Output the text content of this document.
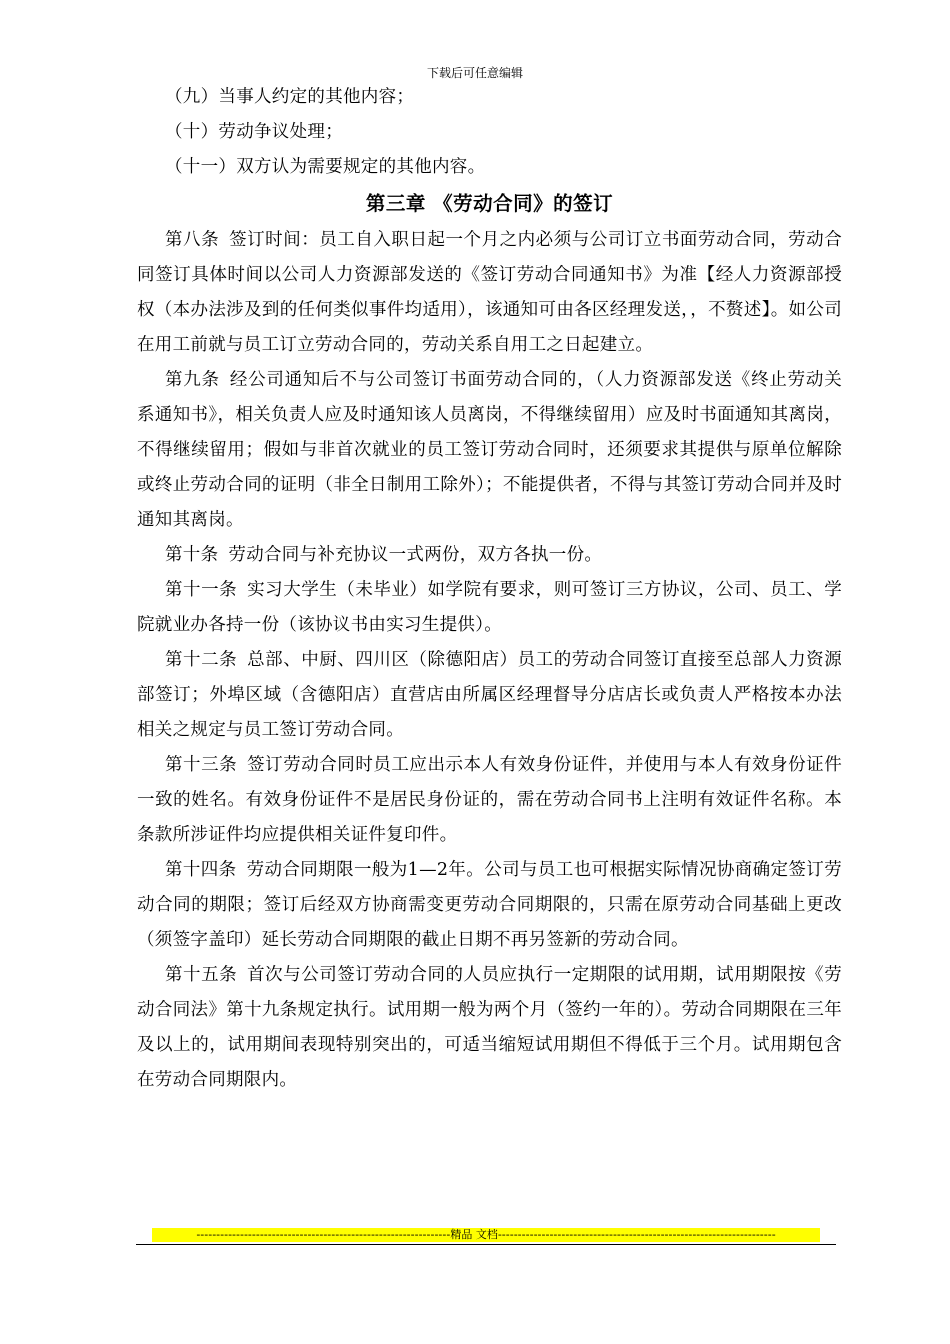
下载后可任意编辑

（九）当事人约定的其他内容；

（十）劳动争议处理；

（十一）双方认为需要规定的其他内容。

第三章 《劳动合同》的签订

第八条 签订时间：员工自入职日起一个月之内必须与公司订立书面劳动合同，劳动合同签订具体时间以公司人力资源部发送的《签订劳动合同通知书》为准【经人力资源部授权（本办法涉及到的任何类似事件均适用），该通知可由各区经理发送，，不赘述】。如公司在用工前就与员工订立劳动合同的，劳动关系自用工之日起建立。

第九条 经公司通知后不与公司签订书面劳动合同的，（人力资源部发送《终止劳动关系通知书》，相关负责人应及时通知该人员离岗，不得继续留用）应及时书面通知其离岗，不得继续留用；假如与非首次就业的员工签订劳动合同时，还须要求其提供与原单位解除或终止劳动合同的证明（非全日制用工除外）；不能提供者，不得与其签订劳动合同并及时通知其离岗。

第十条 劳动合同与补充协议一式两份，双方各执一份。

第十一条 实习大学生（未毕业）如学院有要求，则可签订三方协议，公司、员工、学院就业办各持一份（该协议书由实习生提供）。

第十二条 总部、中厨、四川区（除德阳店）员工的劳动合同签订直接至总部人力资源部签订；外埠区域（含德阳店）直营店由所属区经理督导分店店长或负责人严格按本办法相关之规定与员工签订劳动合同。

第十三条 签订劳动合同时员工应出示本人有效身份证件，并使用与本人有效身份证件一致的姓名。有效身份证件不是居民身份证的，需在劳动合同书上注明有效证件名称。本条款所涉证件均应提供相关证件复印件。

第十四条 劳动合同期限一般为1—2年。公司与员工也可根据实际情况协商确定签订劳动合同的期限；签订后经双方协商需变更劳动合同期限的，只需在原劳动合同基础上更改（须签字盖印）延长劳动合同期限的截止日期不再另签新的劳动合同。

第十五条 首次与公司签订劳动合同的人员应执行一定期限的试用期，试用期限按《劳动合同法》第十九条规定执行。试用期一般为两个月（签约一年的）。劳动合同期限在三年及以上的，试用期间表现特别突出的，可适当缩短试用期但不得低于三个月。试用期包含在劳动合同期限内。

----------------------------------------------------------------精品 文档----------------------------------------------------------------------
